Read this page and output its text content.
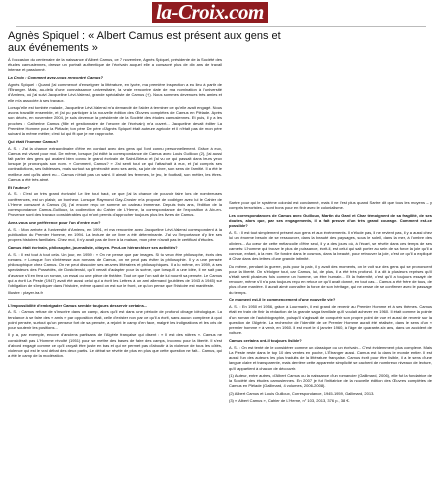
la-Croix.com
Agnès Spiquel : « Albert Camus est présent aux gens et aux événements »

À l'occasion du centenaire de la naissance d'Albert Camus, ce 7 novembre, Agnès Spiquel, présidente de la Société des études camusiennes, dresse un portrait authentique de l'écrivain auquel elle a consacré plus de dix ans de travail intense et passionné.

La Croix : Comment avez-vous rencontré Camus?

Agnès Spiquel : Quand j'ai commencé d'enseigner la littérature, en lycée, ma première inspection a eu lieu à partir de l'Étranger. Mais, au-delà d'une connaissance universitaire, la vraie rencontre date de ma nomination à l'université d'Amiens, où j'ai suivi Jacqueline Lévi-Valensi, grande spécialiste de Camus (†). Nous sommes devenues très amies et elle m'a associée à ses travaux.

Lorsqu'elle est tombée malade, Jacqueline Lévi-Valensi m'a demandé de l'aider à terminer ce qu'elle avait engagé. Nous avons travaillé ensemble, et j'ai pu participer à la nouvelle édition des Œuvres complètes de Camus en Pléiade. Après son décès, en novembre 2004, je suis devenue la présidente de la Société des études camusiennes. Et puis, il y a les proches : Catherine Camus (fille et gestionnaire de l'œuvre de l'écrivain) m'a ouvert... Jacqueline devait éditer La Première Homme pour la Pléiade; ton père De père d'Agnès Spiquel était auteure agricole et il n'était pas de mon père suivant la même métier; c'est lui qui fit que je me rapproche.

Qui était l'homme Camus?

A. S. : J'ai la chance extraordinaire d'être en contact avec des gens qui l'ont connu personnellement. Grâce à eux, Camus est vivant pour moi. De même, lorsque j'ai édité la correspondance de Camus avec Louis Guilloux (2), j'ai aussi fait parler des gens qui avaient bien connu le grand écrivain de Saint-Brieuc et j'ai vu ce qui passait dans leurs yeux lorsque je prononçais son nom. « Comment, Camus? » J'ai senti tout ce qui l'attachait à eux, et j'ai compris ses contradictions, ses faiblesses, mais surtout sa générosité avec ses amis, sa joie de vivre, son sens de l'amitié. Il a été le meilleur ami qu'ils aient eu... Camus n'était pas un saint. Il aimait les femmes, le jeu, le football, son métier, les êtres. Camus a été très aimé.

Et l'auteur?

A. S. : C'est un très grand écrivain! Le lire tout haut, ce que j'ai la chance de pouvoir faire lors de nombreuses conférences, est un plaisir, un bonheur. Lorsque Raymond Gay-Crosier m'a proposé de codiriger avec lui le Cahier de L'Herne consacré à Camus (3), j'ai encore reçu ce somme un cadeau immense. Depuis trois ans, l'édition de la correspondance Camus-Guilloux, la codirection du Cahier de L'Herne, la correspondance de l'exposition à Aix-en-Provence sont des travaux considérables qui m'ont permis d'approcher toujours plus les livres de Camus.

Avez-vous une préférence pour l'un d'entre eux?

A. S. : Mon arrivée à l'université d'Amiens, en 1991, et ma rencontre avec Jacqueline Lévi-Valensi correspondent à la publication du Premier Homme, en 1994. La lecture de ce livre a été déterminante. J'ai vu l'importance d'y lire ses propres histoires familiales. Chez moi, il n'y avait pas de livre à la maison, mon père n'avait pas le certificat d'études.

Camus était écrivain, philosophe, journaliste, citoyen. Peut-on hiérarchiser ses activités?

A. S. : Il est tout à tout cela. Un jour, en 1959 : « On ne pense que par images. Si tu veux être philosophe, écris des romans. » Lorsque l'on s'intéresse aux romans de Camus, on ne peut pas éviter la philosophie. Il y a une pensée philosophique chez Camus. On ne peut dissocier ses œuvres littéraires et philosophiques. Il a lu même, en 1959, à ses spectateurs des Possédés, de Dostoïevski, qu'il venait d'adapter pour la scène, que lorsqu'il a une idée, il ne sait pas d'avance s'il en fera un roman, un essai ou une pièce de théâtre. Tout ce que l'on sait de lui nourrit sa pensée. Le Camus qui a écrit La Peste (1947) avait été aussi celui qui a écrit les Lettres à un ami allemand (publiées de 1943 à 1945) sur l'obligation de s'impliquer dans l'histoire, même quand on est sur le front, ce qu'on pense que l'histoire est manifeste.

Illustre : player.ira.fr

L'impossibilité d'embrigader Camus semble toujours desservir certains...

A. S. : Camus refuse de s'inscrire dans un camp, alors qu'il est dans une période de profond clivage idéologique. La tendance à se faire des « amis » par opposition était, celle d'exister non par ce qu'il a écrit, sans aucun complexe à quoi point pensée, surtout qu'un penseur fort de sa pensée, a rejoint le camp d'en face, malgré les indignations et les cris de pour soutenir les positions...

Il y a, par exemple, encore d'anciens partisans de l'Algérie française qui disent : « Il est des nôtres ». Camus ne considérait pas L'Homme révolté (1951) pour se mettre des bases de faire des camps, inconnu pour la liberté. Il s'est d'abord engagé comme ce qu'il croyait être juste en bas et qui ne permet pas d'aboutir à la violence de tous les côtés, violence qui est le vrai débat des deux partis. Le débat se révèle de plus en plus que cette question ne fait... Camus, qui a été le camp de la modération.

Sartre pour qui le système colonial est condamné, mais il ne l'est plus quand Sartre dit que tous les moyens – y compris terroristes – sont bons pour en finir avec le colonialisme.

Les correspondances de Camus avec Guilloux, Martin du Gard et Char témoignent de sa fragilité, de ses doutes, alors que, par ses engagements, il a fait preuve d'un très grand courage. Comment est-ce possible?

A. S. : Il est tout simplement présent aux gens et aux événements. Il n'élude pas, il ne revient pas, il y a aussi chez lui un énorme besoin de se ressourcer, dans la beauté des paysages, sous le soleil, dans la mer, à l'ombre des oliviers... Au cœur de cette mélancolie d'être seul, il y a des jours où, à l'écart, se révèle dans ces temps de ses carnets: L'homme qui trouve le plus de puissance, écrit-il, est celui qui sait porter au sein de sa force la joie qu'il a connue, enfant, à la mer. Se fondre dans le cosmos, dans la beauté, pour retrouver la joie, c'est ce qu'il a expliqué à Char dans des lettres d'une grande intimité.

Du même, pendant la guerre, puis pour la paix, il y avait des moments, on le voit sur des gens qui se prononcent pour la liberté. On s'éloigne tout, car Camus, lui, de plus, il a été très profond. Il a dit à plusieurs reprises qu'il s'était senti plusieurs fois comme un homme, un être humain... Et la fraternité, c'est qu'il a toujours essayé de renouer, même s'il n'a pas toujours reçu en retour ce qu'il avait donné, en tout cas... Camus a été frère de tous, de plus d'une manière. Il aurait aimé connaître la force de son héritage, qui ne cesse de se confirmer avec le passage du temps.

Ce moment est-il le commencement d'une nouvelle vie?

A. S. : En 1950 et 1956, grâce à Lourmarin, il est grand de revenir au Premier Homme et à ses thèmes. Camus était en train de finir la rédaction de la grande saga familiale qu'il voulait achever en 1960. Il était comme la pointe d'un roman de l'autobiographie, puisqu'il s'agissait de conquérir son propre point de vue et aussi de revenir sur la question de l'Algérie. La recherche de l'identité de ce Premier Homme aurait été réalisée, dans le sens d'un « premier homme » à venir, en 1960. Il est mort le 4 janvier 1960, à l'âge de quarante-six ans, dans un accident de voiture.

Camus certains ont-il toujours lisible?

A. S. : On est tenté de le considérer comme un classique ou un écrivain... C'est évidemment plus complexe. Mais La Peste reste dans le top 10 des ventes en poche, L'Étranger aussi. Camus est lu dans le monde entier. Il est aussi l'un des auteurs les plus traduits de la littérature française. Camus écrit pour être lisible, il a le sens d'une langue claire et transparente, mais derrière cette apparente simplicité se cachent de nombreux niveaux de lecture, qu'il appartient à chacun de découvrir.

(1) Auteur, entre autres, d'Albert Camus ou la naissance d'un romancier (Gallimard, 2006), elle fut la fondatrice de la Société des études camusiennes. En 2007 je fut l'initiatrice de la nouvelle édition des Œuvres complètes de Camus en Pléiade (Gallimard, 4 volumes, 2006-2008).

(2) Albert Camus et Louis Guilloux, Correspondance, 1945-1959, Gallimard, 2013.

(3) « Albert Camus », Cahier de L'Herne, n° 103, 2013, 376 p., 38 €.
